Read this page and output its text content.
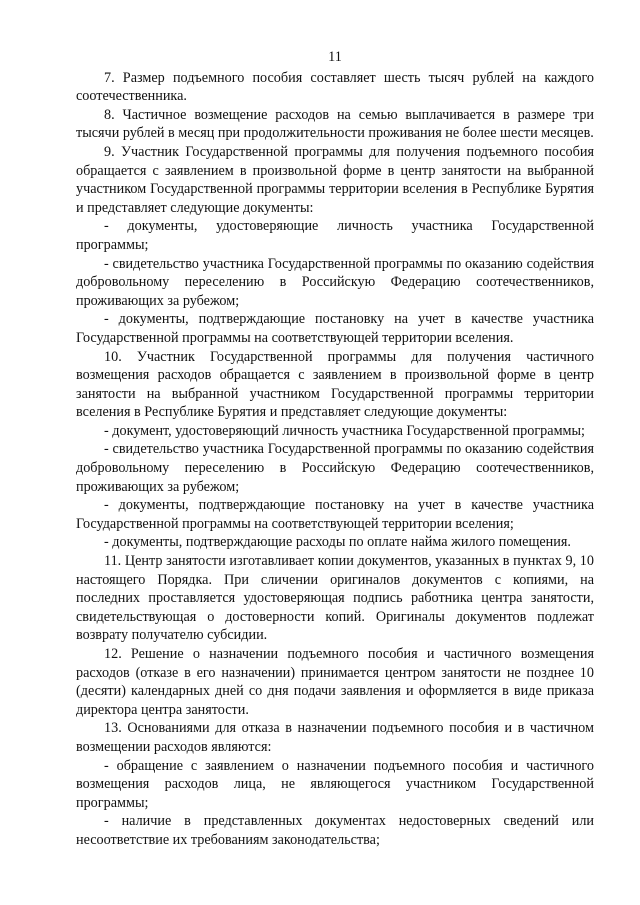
11

7. Размер подъемного пособия составляет шесть тысяч рублей на каждого соотечественника.

8. Частичное возмещение расходов на семью выплачивается в размере три тысячи рублей в месяц при продолжительности проживания не более шести месяцев.

9. Участник Государственной программы для получения подъемного пособия обращается с заявлением в произвольной форме в центр занятости на выбранной участником Государственной программы территории вселения в Республике Бурятия и представляет следующие документы:

- документы, удостоверяющие личность участника Государственной программы;

- свидетельство участника Государственной программы по оказанию содействия добровольному переселению в Российскую Федерацию соотечественников, проживающих за рубежом;

- документы, подтверждающие постановку на учет в качестве участника Государственной программы на соответствующей территории вселения.

10. Участник Государственной программы для получения частичного возмещения расходов обращается с заявлением в произвольной форме в центр занятости на выбранной участником Государственной программы территории вселения в Республике Бурятия и представляет следующие документы:

- документ, удостоверяющий личность участника Государственной программы;

- свидетельство участника Государственной программы по оказанию содействия добровольному переселению в Российскую Федерацию соотечественников, проживающих за рубежом;

- документы, подтверждающие постановку на учет в качестве участника Государственной программы на соответствующей территории вселения;

- документы, подтверждающие расходы по оплате найма жилого помещения.

11. Центр занятости изготавливает копии документов, указанных в пунктах 9, 10 настоящего Порядка. При сличении оригиналов документов с копиями, на последних проставляется удостоверяющая подпись работника центра занятости, свидетельствующая о достоверности копий. Оригиналы документов подлежат возврату получателю субсидии.

12. Решение о назначении подъемного пособия и частичного возмещения расходов (отказе в его назначении) принимается центром занятости не позднее 10 (десяти) календарных дней со дня подачи заявления и оформляется в виде приказа директора центра занятости.

13. Основаниями для отказа в назначении подъемного пособия и в частичном возмещении расходов являются:

- обращение с заявлением о назначении подъемного пособия и частичного возмещения расходов лица, не являющегося участником Государственной программы;

- наличие в представленных документах недостоверных сведений или несоответствие их требованиям законодательства;
